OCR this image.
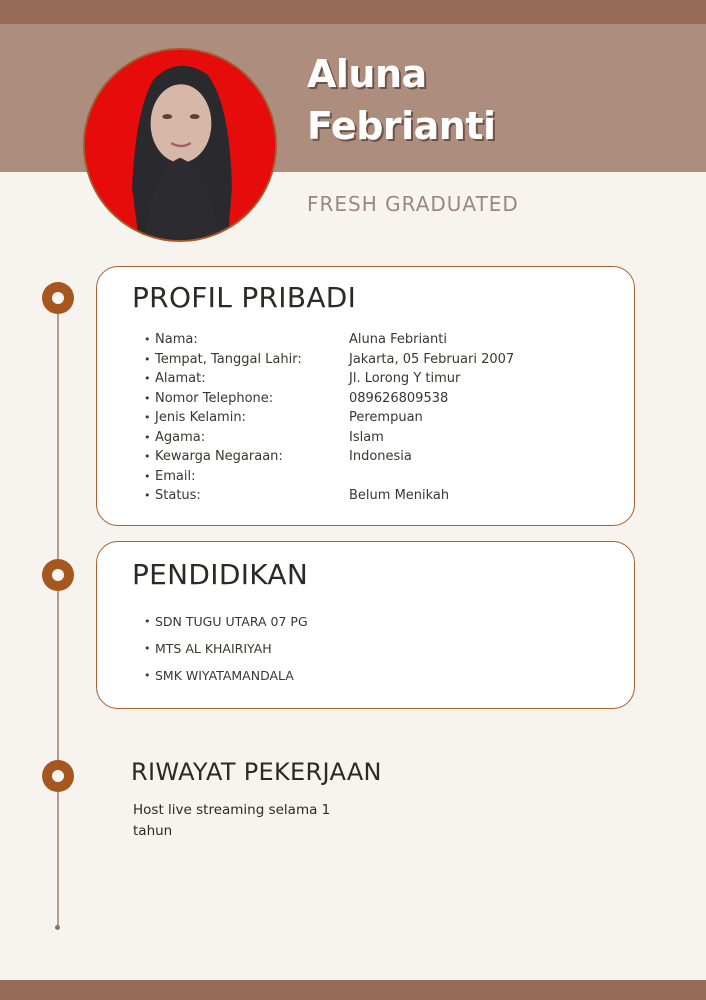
Aluna
Febrianti
FRESH GRADUATED
PROFIL PRIBADI
• Nama:	Aluna Febrianti
• Tempat, Tanggal Lahir:	Jakarta, 05 Februari 2007
• Alamat:	Jl. Lorong Y timur
• Nomor Telephone:	089626809538
• Jenis Kelamin:	Perempuan
• Agama:	Islam
• Kewarga Negaraan:	Indonesia
• Email:
• Status:	Belum Menikah
PENDIDIKAN
• SDN TUGU UTARA 07 PG
• MTS AL KHAIRIYAH
• SMK WIYATAMANDALA
RIWAYAT PEKERJAAN
Host live streaming selama 1 tahun
